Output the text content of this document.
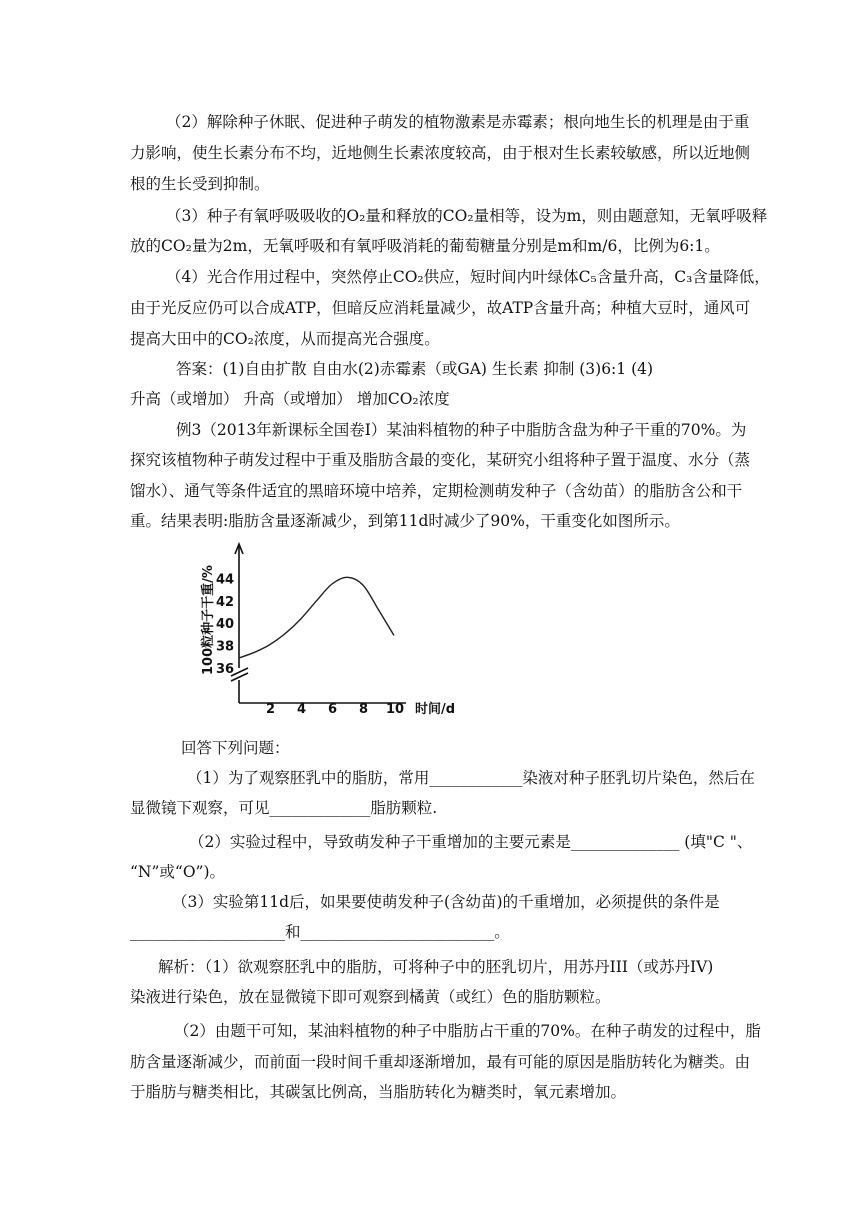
（2）解除种子休眠、促进种子萌发的植物激素是赤霉素；根向地生长的机理是由于重
力影响，使生长素分布不均，近地侧生长素浓度较高，由于根对生长素较敏感，所以近地侧
根的生长受到抑制。
（3）种子有氧呼吸吸收的O₂量和释放的CO₂量相等，设为m，则由题意知，无氧呼吸释
放的CO₂量为2m，无氧呼吸和有氧呼吸消耗的葡萄糖量分别是m和m/6，比例为6:1。
（4）光合作用过程中，突然停止CO₂供应，短时间内叶绿体C₅含量升高，C₃含量降低，
由于光反应仍可以合成ATP，但暗反应消耗量减少，故ATP含量升高；种植大豆时，通风可
提高大田中的CO₂浓度，从而提高光合强度。
答案：(1)自由扩散 自由水(2)赤霉素（或GA) 生长素 抑制 (3)6:1 (4)
升高（或增加） 升高（或增加） 增加CO₂浓度
例3（2013年新课标全国卷I）某油料植物的种子中脂肪含盘为种子干重的70%。为
探究该植物种子萌发过程中于重及脂肪含最的变化，某研究小组将种子置于温度、水分（蒸
馏水）、通气等条件适宜的黑暗环境中培养，定期检测萌发种子（含幼苗）的脂肪含公和干
重。结果表明:脂肪含量逐渐减少，到第11d时减少了90%，干重变化如图所示。
回答下列问题：
（1）为了观察胚乳中的脂肪，常用____________染液对种子胚乳切片染色，然后在
显微镜下观察，可见_____________脂肪颗粒.
（2）实验过程中，导致萌发种子干重增加的主要元素是______________ (填"C "、
“N”或“O”)。
（3）实验第11d后，如果要使萌发种子(含幼苗)的千重增加，必须提供的条件是
____________________和_________________________。
解析：（1）欲观察胚乳中的脂肪，可将种子中的胚乳切片，用苏丹III（或苏丹IV)
染液进行染色，放在显微镜下即可观察到橘黄（或红）色的脂肪颗粒。
（2）由题干可知，某油料植物的种子中脂肪占干重的70%。在种子萌发的过程中，脂
肪含量逐渐减少，而前面一段时间千重却逐渐增加，最有可能的原因是脂肪转化为糖类。由
于脂肪与糖类相比，其碳氢比例高，当脂肪转化为糖类时，氧元素增加。
2 4 6 8 10
36
38
40
42
44
时间/d
100粒种子干重/%
